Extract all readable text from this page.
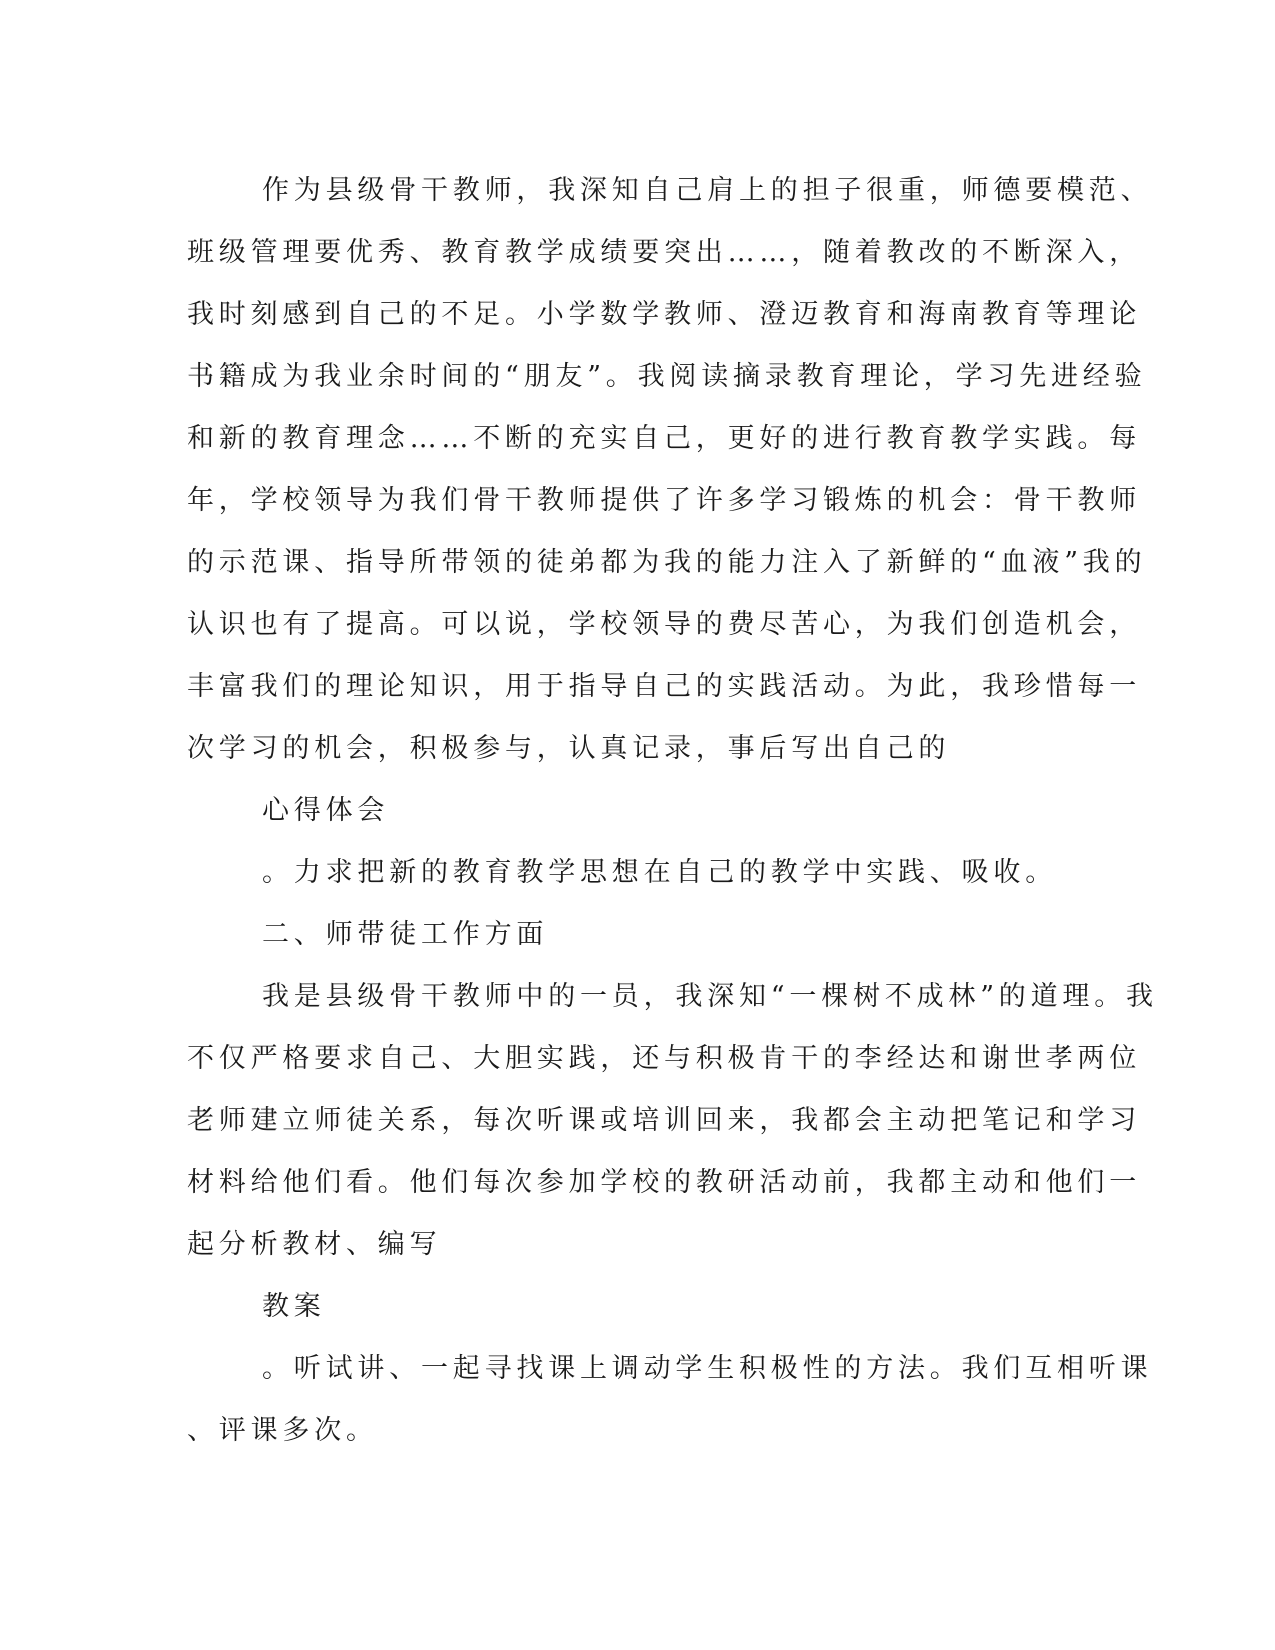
作为县级骨干教师，我深知自己肩上的担子很重，师德要模范、
班级管理要优秀、教育教学成绩要突出……，随着教改的不断深入，
我时刻感到自己的不足。小学数学教师、澄迈教育和海南教育等理论
书籍成为我业余时间的“朋友”。我阅读摘录教育理论，学习先进经验
和新的教育理念……不断的充实自己，更好的进行教育教学实践。每
年，学校领导为我们骨干教师提供了许多学习锻炼的机会：骨干教师
的示范课、指导所带领的徒弟都为我的能力注入了新鲜的“血液”我的
认识也有了提高。可以说，学校领导的费尽苦心，为我们创造机会，
丰富我们的理论知识，用于指导自己的实践活动。为此，我珍惜每一
次学习的机会，积极参与，认真记录，事后写出自己的
心得体会
。力求把新的教育教学思想在自己的教学中实践、吸收。
二、师带徒工作方面
我是县级骨干教师中的一员，我深知“一棵树不成林”的道理。我
不仅严格要求自己、大胆实践，还与积极肯干的李经达和谢世孝两位
老师建立师徒关系，每次听课或培训回来，我都会主动把笔记和学习
材料给他们看。他们每次参加学校的教研活动前，我都主动和他们一
起分析教材、编写
教案
。听试讲、一起寻找课上调动学生积极性的方法。我们互相听课
、评课多次。
